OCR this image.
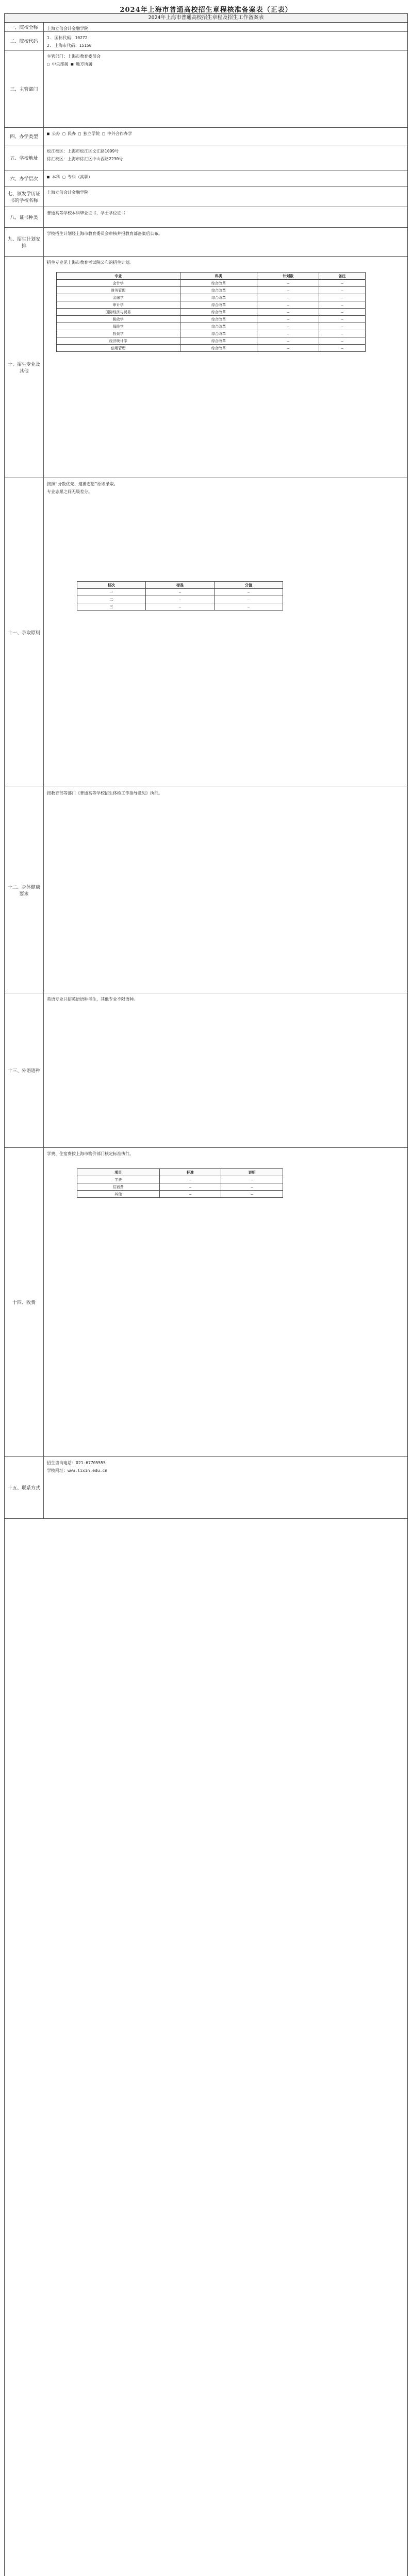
2024年上海市普通高校招生章程核准备案表（正表）
2024年上海市普通高校招生章程及招生工作备案表
一、院校全称	上海立信会计金融学院
二、院校代码
1. 国标代码：10272
2. 上海市代码：15150
三、主管部门
主管部门：上海市教育委员会
□ 中央部属 ■ 地方所属
四、办学类型
■ 公办 □ 民办 □ 独立学院 □ 中外合作办学
五、学校地址
松江校区：上海市松江区文汇路1099号
徐汇校区：上海市徐汇区中山西路2230号
六、办学层次	■ 本科 □ 专科（高职）
七、颁发学历证书的学校名称
上海立信会计金融学院
八、证书种类
普通高等学校本科毕业证书，学士学位证书
九、招生计划安排
学校招生计划经上海市教育委员会审核并报教育部备案后公布。
十、招生专业及其他
招生专业见上海市教育考试院公布的招生计划。
专业	科类	计划数	备注
会计学	综合改革	—	—
财务管理	综合改革	—	—
金融学	综合改革	—	—
审计学	综合改革	—	—
国际经济与贸易	综合改革	—	—
税收学	综合改革	—	—
保险学	综合改革	—	—
投资学	综合改革	—	—
经济统计学	综合改革	—	—
信用管理	综合改革	—	—
十一、录取原则
按照"分数优先、遵循志愿"原则录取。
专业志愿之间无级差分。
档次	标准	分值
一	—	—
二	—	—
三	—	—
十二、身体健康要求
按教育部等部门《普通高等学校招生体检工作指导意见》执行。
十三、外语语种
英语专业只招英语语种考生，其他专业不限语种。
十四、收费
学费、住宿费按上海市物价部门核定标准执行。
项目	标准	说明
学费	—	—
住宿费	—	—
其他	—	—
十五、联系方式
招生咨询电话：021-67705555
学校网址：www.lixin.edu.cn
